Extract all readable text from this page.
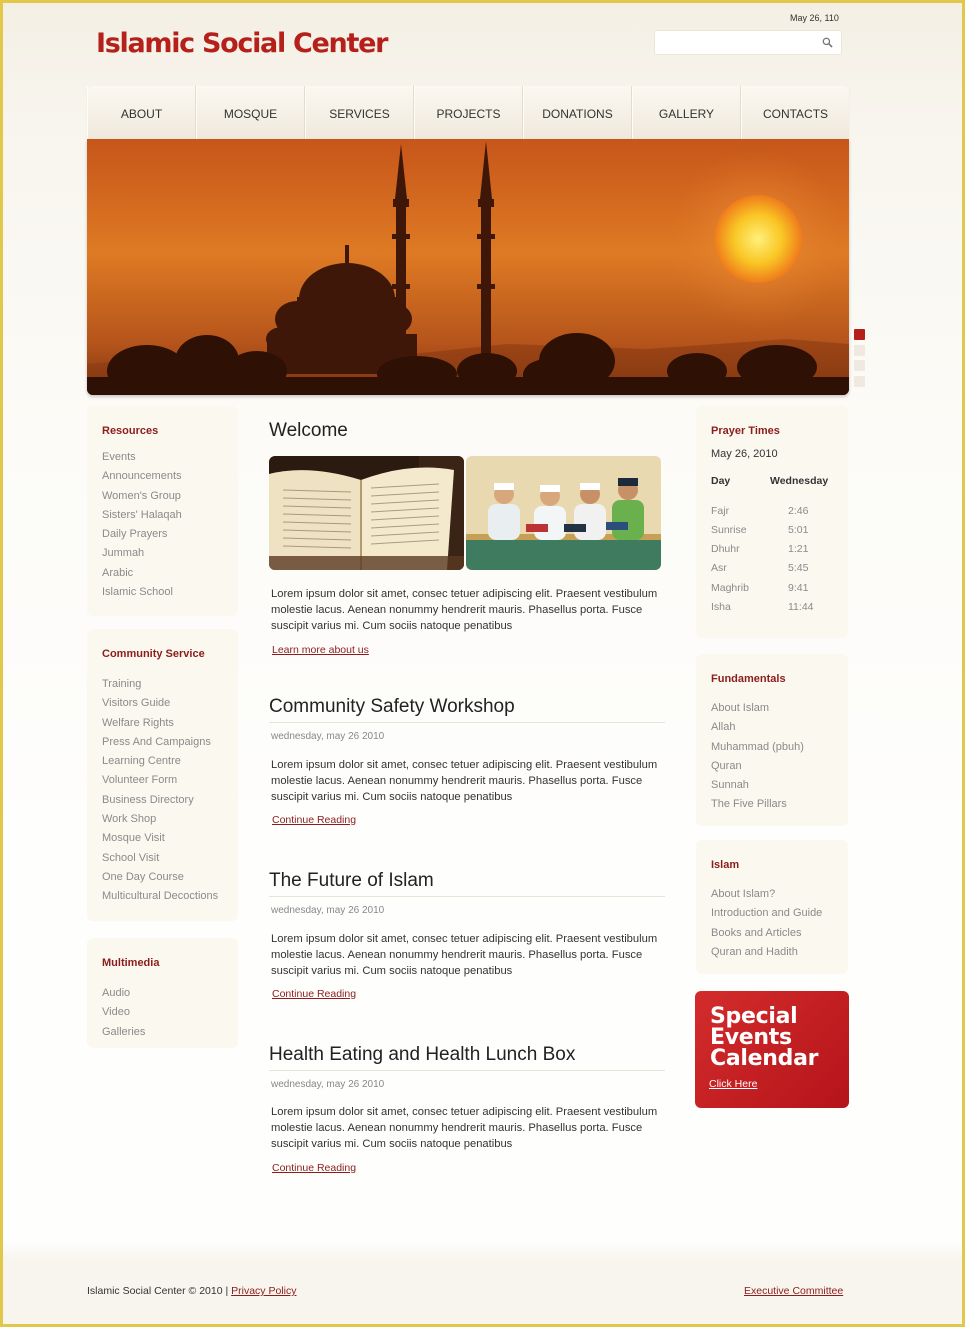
Islamic Social Center
May 26, 110
ABOUT	MOSQUE	SERVICES	PROJECTS	DONATIONS	GALLERY	CONTACTS
Resources
Events
Announcements
Women's Group
Sisters' Halaqah
Daily Prayers
Jummah
Arabic
Islamic School
Community Service
Training
Visitors Guide
Welfare Rights
Press And Campaigns
Learning Centre
Volunteer Form
Business Directory
Work Shop
Mosque Visit
School Visit
One Day Course
Multicultural Decoctions
Multimedia
Audio
Video
Galleries
Welcome
Lorem ipsum dolor sit amet, consec tetuer adipiscing elit. Praesent vestibulum molestie lacus. Aenean nonummy hendrerit mauris. Phasellus porta. Fusce suscipit varius mi. Cum sociis natoque penatibus
Learn more about us
Community Safety Workshop
wednesday, may 26 2010
Lorem ipsum dolor sit amet, consec tetuer adipiscing elit. Praesent vestibulum molestie lacus. Aenean nonummy hendrerit mauris. Phasellus porta. Fusce suscipit varius mi. Cum sociis natoque penatibus
Continue Reading
The Future of Islam
wednesday, may 26 2010
Lorem ipsum dolor sit amet, consec tetuer adipiscing elit. Praesent vestibulum molestie lacus. Aenean nonummy hendrerit mauris. Phasellus porta. Fusce suscipit varius mi. Cum sociis natoque penatibus
Continue Reading
Health Eating and Health Lunch Box
wednesday, may 26 2010
Lorem ipsum dolor sit amet, consec tetuer adipiscing elit. Praesent vestibulum molestie lacus. Aenean nonummy hendrerit mauris. Phasellus porta. Fusce suscipit varius mi. Cum sociis natoque penatibus
Continue Reading
Prayer Times
May 26, 2010
Day	Wednesday
Fajr	2:46
Sunrise	5:01
Dhuhr	1:21
Asr	5:45
Maghrib	9:41
Isha	11:44
Fundamentals
About Islam
Allah
Muhammad (pbuh)
Quran
Sunnah
The Five Pillars
Islam
About Islam?
Introduction and Guide
Books and Articles
Quran and Hadith
Special
Events
Calendar
Click Here
Islamic Social Center © 2010 | Privacy Policy	Executive Committee
